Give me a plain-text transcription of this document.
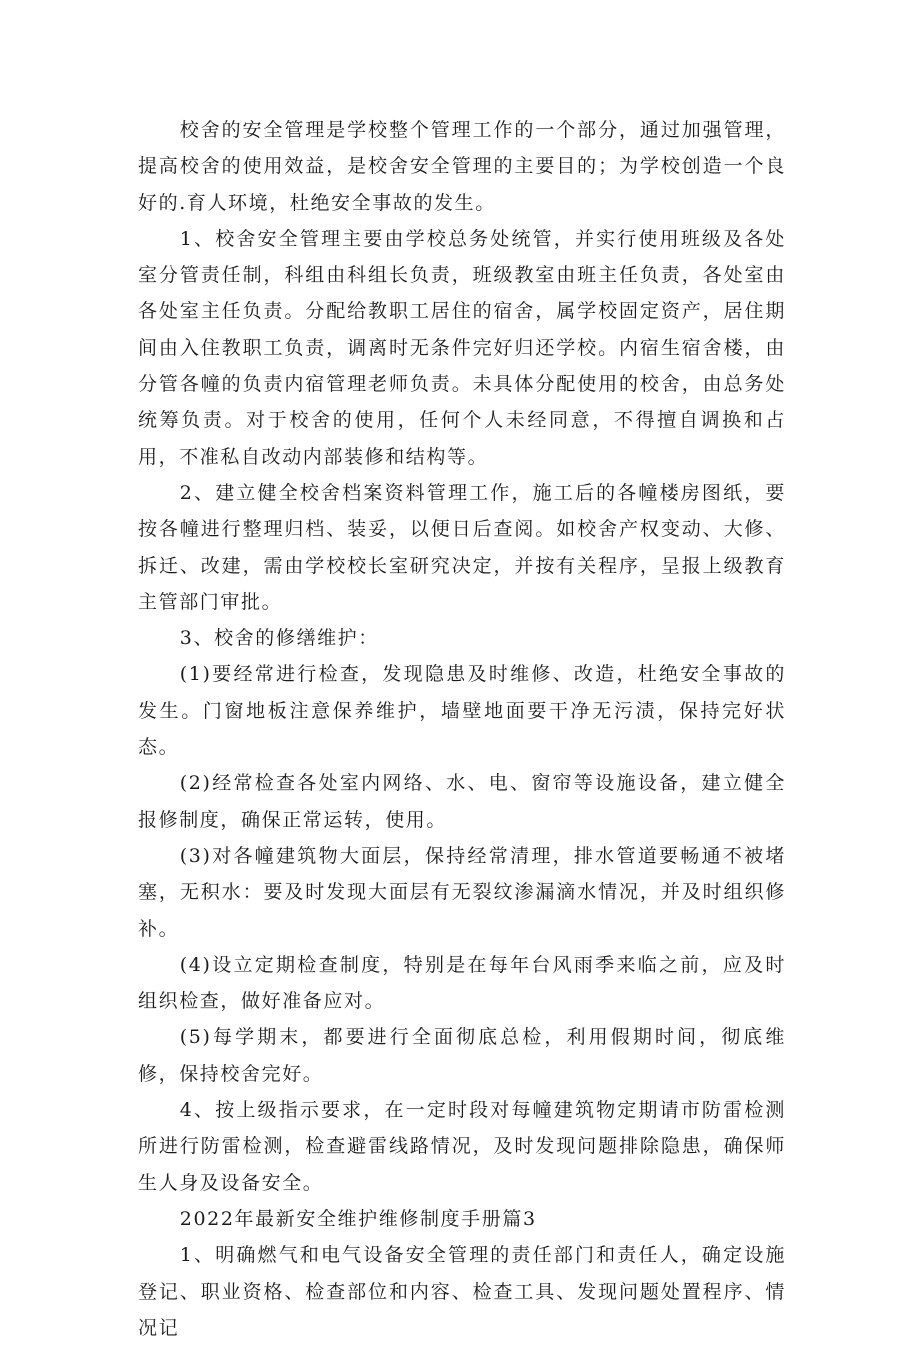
校舍的安全管理是学校整个管理工作的一个部分，通过加强管理，提高校舍的使用效益，是校舍安全管理的主要目的；为学校创造一个良好的.育人环境，杜绝安全事故的发生。

1、校舍安全管理主要由学校总务处统管，并实行使用班级及各处室分管责任制，科组由科组长负责，班级教室由班主任负责，各处室由各处室主任负责。分配给教职工居住的宿舍，属学校固定资产，居住期间由入住教职工负责，调离时无条件完好归还学校。内宿生宿舍楼，由分管各幢的负责内宿管理老师负责。未具体分配使用的校舍，由总务处统筹负责。对于校舍的使用，任何个人未经同意，不得擅自调换和占用，不准私自改动内部装修和结构等。

2、建立健全校舍档案资料管理工作，施工后的各幢楼房图纸，要按各幢进行整理归档、装妥，以便日后查阅。如校舍产权变动、大修、拆迁、改建，需由学校校长室研究决定，并按有关程序，呈报上级教育主管部门审批。

3、校舍的修缮维护：

(1)要经常进行检查，发现隐患及时维修、改造，杜绝安全事故的发生。门窗地板注意保养维护，墙壁地面要干净无污渍，保持完好状态。

(2)经常检查各处室内网络、水、电、窗帘等设施设备，建立健全报修制度，确保正常运转，使用。

(3)对各幢建筑物大面层，保持经常清理，排水管道要畅通不被堵塞，无积水：要及时发现大面层有无裂纹渗漏滴水情况，并及时组织修补。

(4)设立定期检查制度，特别是在每年台风雨季来临之前，应及时组织检查，做好准备应对。

(5)每学期末，都要进行全面彻底总检，利用假期时间，彻底维修，保持校舍完好。

4、按上级指示要求，在一定时段对每幢建筑物定期请市防雷检测所进行防雷检测，检查避雷线路情况，及时发现问题排除隐患，确保师生人身及设备安全。

2022年最新安全维护维修制度手册篇3

1、明确燃气和电气设备安全管理的责任部门和责任人，确定设施登记、职业资格、检查部位和内容、检查工具、发现问题处置程序、情况记
